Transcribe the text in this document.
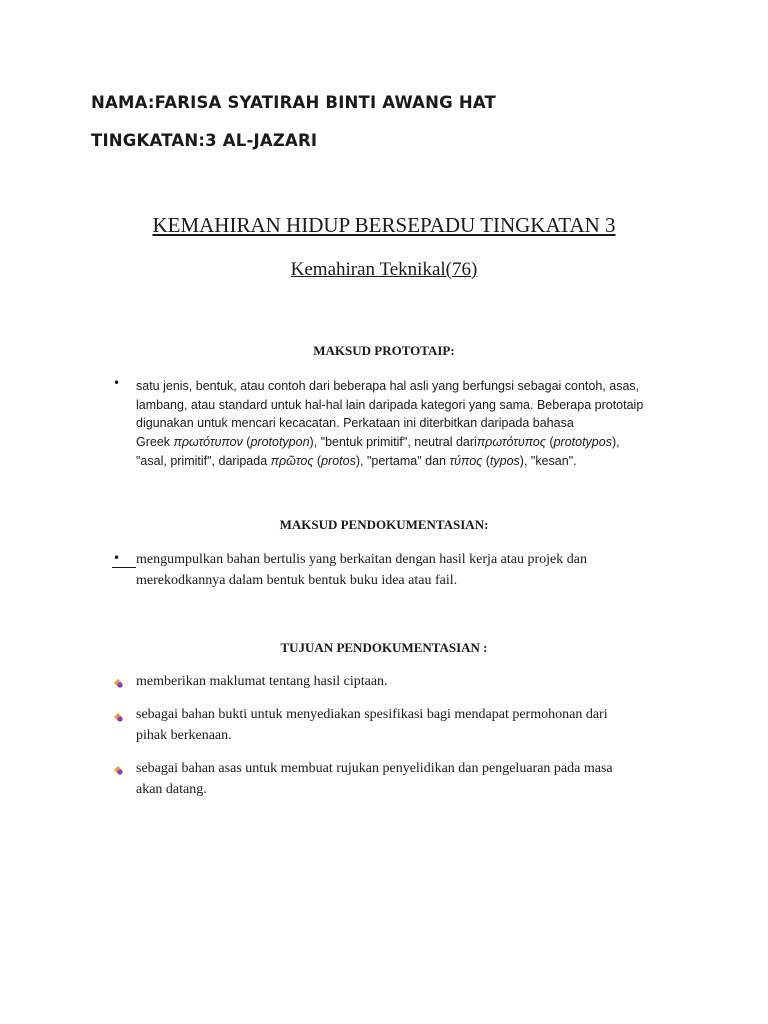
NAMA:FARISA SYATIRAH BINTI AWANG HAT
TINGKATAN:3 AL-JAZARI
KEMAHIRAN HIDUP BERSEPADU TINGKATAN 3
Kemahiran Teknikal(76)
MAKSUD PROTOTAIP:
• satu jenis, bentuk, atau contoh dari beberapa hal asli yang berfungsi sebagai contoh, asas,
lambang, atau standard untuk hal-hal lain daripada kategori yang sama. Beberapa prototaip
digunakan untuk mencari kecacatan. Perkataan ini diterbitkan daripada bahasa
Greek πρωτότυπον (prototypon), "bentuk primitif", neutral dariπρωτότυπος (prototypos),
"asal, primitif", daripada πρῶτος (protos), "pertama" dan τύπος (typos), "kesan".
MAKSUD PENDOKUMENTASIAN:
• mengumpulkan bahan bertulis yang berkaitan dengan hasil kerja atau projek dan
merekodkannya dalam bentuk bentuk buku idea atau fail.
TUJUAN PENDOKUMENTASIAN :
memberikan maklumat tentang hasil ciptaan.
sebagai bahan bukti untuk menyediakan spesifikasi bagi mendapat permohonan dari
pihak berkenaan.
sebagai bahan asas untuk membuat rujukan penyelidikan dan pengeluaran pada masa
akan datang.
